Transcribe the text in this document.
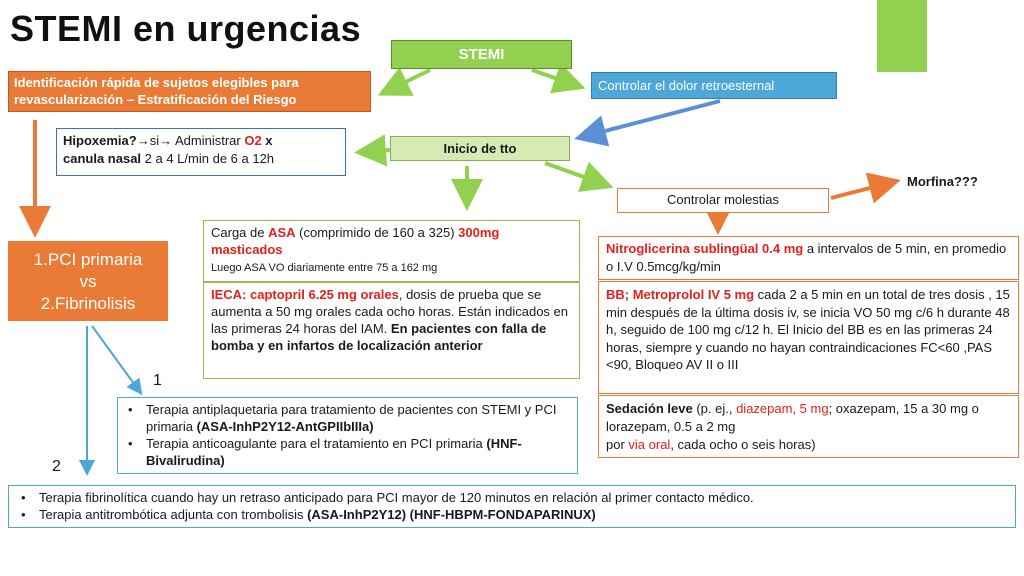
STEMI en urgencias
STEMI
Identificación rápida de sujetos elegibles para revascularización – Estratificación del Riesgo
Controlar el dolor retroesternal
Hipoxemia?→si→ Administrar O2 x
canula nasal 2 a 4 L/min de 6 a 12h
Inicio de tto
Controlar molestias
Morfina???
1.PCI primaria
vs
2.Fibrinolisis
Carga de ASA (comprimido de 160 a 325) 300mg
masticados
Luego ASA VO diariamente entre 75 a 162 mg
IECA: captopril 6.25 mg orales, dosis de prueba que se aumenta a 50 mg orales cada ocho horas. Están indicados en las primeras 24 horas del IAM. En pacientes con falla de bomba y en infartos de localización anterior
Nitroglicerina sublingüal 0.4 mg a intervalos de 5 min, en promedio o I.V 0.5mcg/kg/min
BB; Metroprolol IV 5 mg cada 2 a 5 min en un total de tres dosis , 15 min después de la última dosis iv, se inicia VO 50 mg c/6 h durante 48 h, seguido de 100 mg c/12 h. El Inicio del BB es en las primeras 24 horas, siempre y cuando no hayan contraindicaciones FC<60 ,PAS <90, Bloqueo AV II o III
Sedación leve (p. ej., diazepam, 5 mg; oxazepam, 15 a 30 mg o lorazepam, 0.5 a 2 mg
por via oral, cada ocho o seis horas)
1
• Terapia antiplaquetaria para tratamiento de pacientes con STEMI y PCI primaria (ASA-InhP2Y12-AntGPIIbIIIa)
• Terapia anticoagulante para el tratamiento en PCI primaria (HNF-Bivalirudina)
2
• Terapia fibrinolítica cuando hay un retraso anticipado para PCI mayor de 120 minutos en relación al primer contacto médico.
• Terapia antitrombótica adjunta con trombolisis (ASA-InhP2Y12) (HNF-HBPM-FONDAPARINUX)
